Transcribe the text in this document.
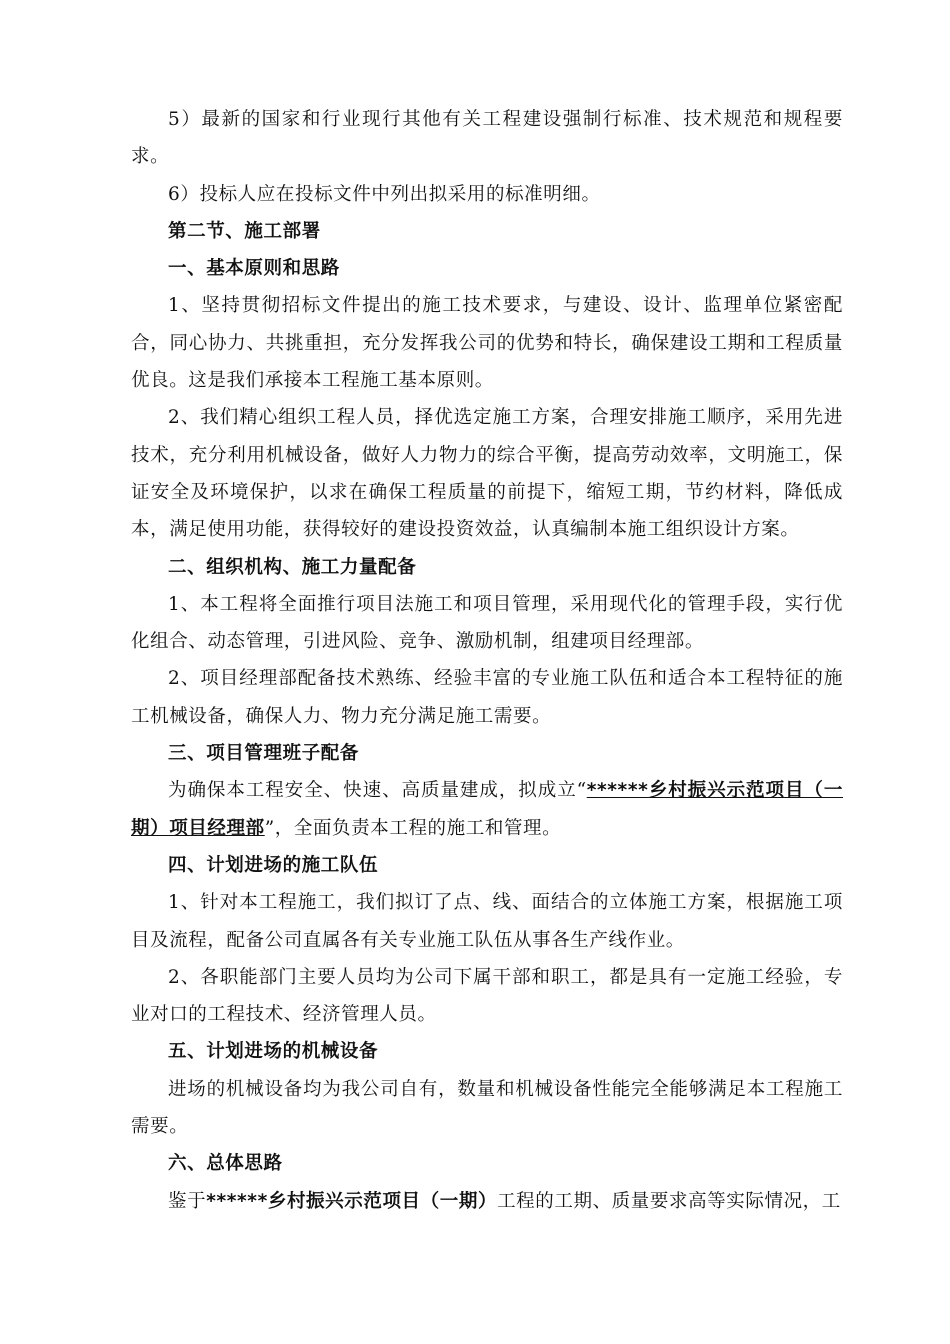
5）最新的国家和行业现行其他有关工程建设强制行标准、技术规范和规程要求。

6）投标人应在投标文件中列出拟采用的标准明细。

第二节、施工部署

一、基本原则和思路

1、坚持贯彻招标文件提出的施工技术要求，与建设、设计、监理单位紧密配合，同心协力、共挑重担，充分发挥我公司的优势和特长，确保建设工期和工程质量优良。这是我们承接本工程施工基本原则。

2、我们精心组织工程人员，择优选定施工方案，合理安排施工顺序，采用先进技术，充分利用机械设备，做好人力物力的综合平衡，提高劳动效率，文明施工，保证安全及环境保护，以求在确保工程质量的前提下，缩短工期，节约材料，降低成本，满足使用功能，获得较好的建设投资效益，认真编制本施工组织设计方案。

二、组织机构、施工力量配备

1、本工程将全面推行项目法施工和项目管理，采用现代化的管理手段，实行优化组合、动态管理，引进风险、竞争、激励机制，组建项目经理部。

2、项目经理部配备技术熟练、经验丰富的专业施工队伍和适合本工程特征的施工机械设备，确保人力、物力充分满足施工需要。

三、项目管理班子配备

为确保本工程安全、快速、高质量建成，拟成立“******乡村振兴示范项目（一期）项目经理部”，全面负责本工程的施工和管理。

四、计划进场的施工队伍

1、针对本工程施工，我们拟订了点、线、面结合的立体施工方案，根据施工项目及流程，配备公司直属各有关专业施工队伍从事各生产线作业。

2、各职能部门主要人员均为公司下属干部和职工，都是具有一定施工经验，专业对口的工程技术、经济管理人员。

五、计划进场的机械设备

进场的机械设备均为我公司自有，数量和机械设备性能完全能够满足本工程施工需要。

六、总体思路

鉴于******乡村振兴示范项目（一期）工程的工期、质量要求高等实际情况，工
